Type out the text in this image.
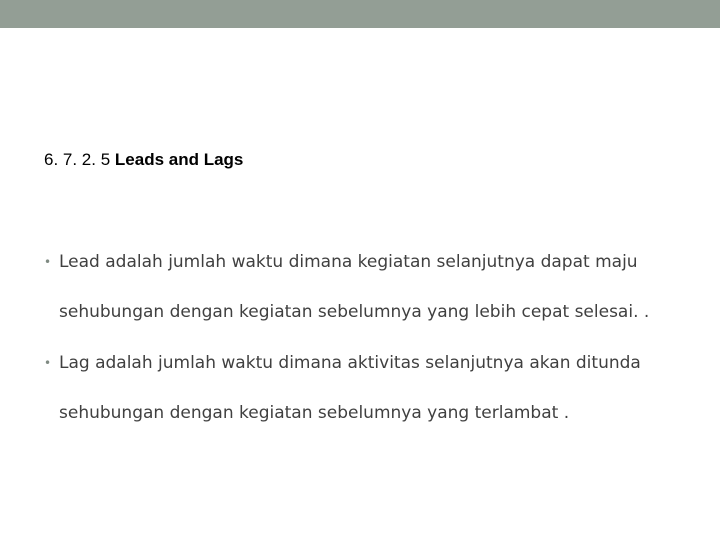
6. 7. 2. 5 Leads and Lags
• Lead adalah jumlah waktu dimana kegiatan selanjutnya dapat maju sehubungan dengan kegiatan sebelumnya yang lebih cepat selesai. .
• Lag adalah jumlah waktu dimana aktivitas selanjutnya akan ditunda sehubungan dengan kegiatan sebelumnya yang terlambat .
